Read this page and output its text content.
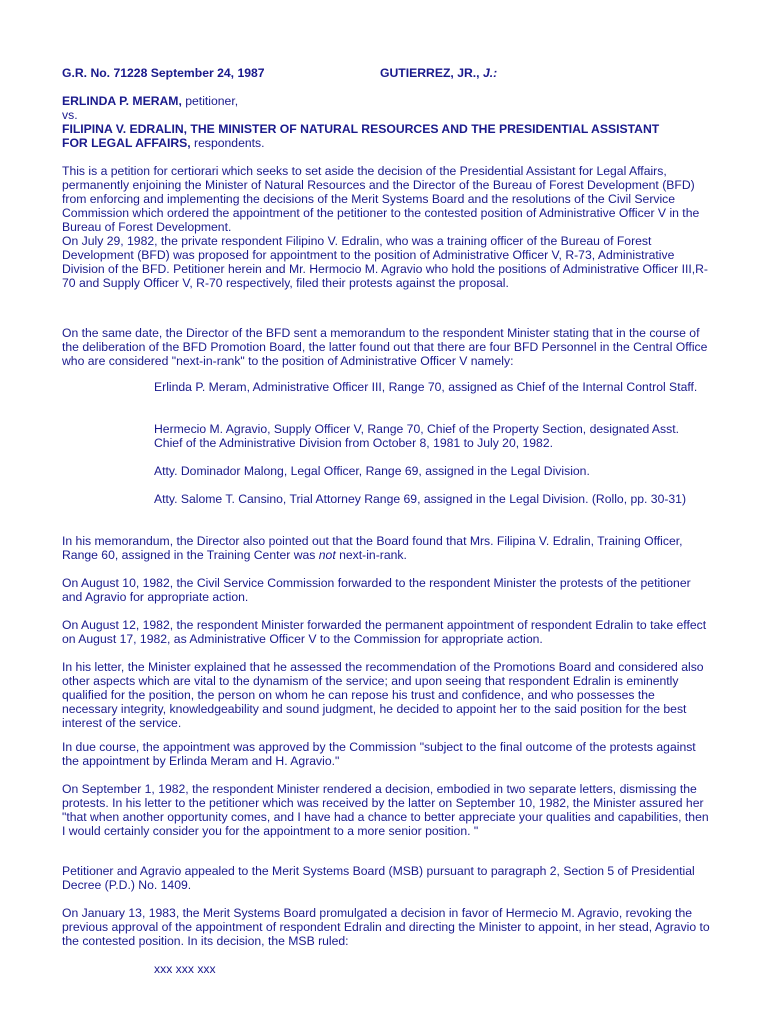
G.R. No. 71228 September 24, 1987	GUTIERREZ, JR., J.:
ERLINDA P. MERAM, petitioner,
vs.
FILIPINA V. EDRALIN, THE MINISTER OF NATURAL RESOURCES AND THE PRESIDENTIAL ASSISTANT FOR LEGAL AFFAIRS, respondents.

This is a petition for certiorari which seeks to set aside the decision of the Presidential Assistant for Legal Affairs, permanently enjoining the Minister of Natural Resources and the Director of the Bureau of Forest Development (BFD) from enforcing and implementing the decisions of the Merit Systems Board and the resolutions of the Civil Service Commission which ordered the appointment of the petitioner to the contested position of Administrative Officer V in the Bureau of Forest Development.

On July 29, 1982, the private respondent Filipino V. Edralin, who was a training officer of the Bureau of Forest Development (BFD) was proposed for appointment to the position of Administrative Officer V, R-73, Administrative Division of the BFD. Petitioner herein and Mr. Hermocio M. Agravio who hold the positions of Administrative Officer III,R-70 and Supply Officer V, R-70 respectively, filed their protests against the proposal.

On the same date, the Director of the BFD sent a memorandum to the respondent Minister stating that in the course of the deliberation of the BFD Promotion Board, the latter found out that there are four BFD Personnel in the Central Office who are considered "next-in-rank" to the position of Administrative Officer V namely:

Erlinda P. Meram, Administrative Officer III, Range 70, assigned as Chief of the Internal Control Staff.

Hermecio M. Agravio, Supply Officer V, Range 70, Chief of the Property Section, designated Asst. Chief of the Administrative Division from October 8, 1981 to July 20, 1982.

Atty. Dominador Malong, Legal Officer, Range 69, assigned in the Legal Division.

Atty. Salome T. Cansino, Trial Attorney Range 69, assigned in the Legal Division. (Rollo, pp. 30-31)

In his memorandum, the Director also pointed out that the Board found that Mrs. Filipina V. Edralin, Training Officer, Range 60, assigned in the Training Center was not next-in-rank.

On August 10, 1982, the Civil Service Commission forwarded to the respondent Minister the protests of the petitioner and Agravio for appropriate action.

On August 12, 1982, the respondent Minister forwarded the permanent appointment of respondent Edralin to take effect on August 17, 1982, as Administrative Officer V to the Commission for appropriate action.

In his letter, the Minister explained that he assessed the recommendation of the Promotions Board and considered also other aspects which are vital to the dynamism of the service; and upon seeing that respondent Edralin is eminently qualified for the position, the person on whom he can repose his trust and confidence, and who possesses the necessary integrity, knowledgeability and sound judgment, he decided to appoint her to the said position for the best interest of the service.

In due course, the appointment was approved by the Commission "subject to the final outcome of the protests against the appointment by Erlinda Meram and H. Agravio."

On September 1, 1982, the respondent Minister rendered a decision, embodied in two separate letters, dismissing the protests. In his letter to the petitioner which was received by the latter on September 10, 1982, the Minister assured her "that when another opportunity comes, and I have had a chance to better appreciate your qualities and capabilities, then I would certainly consider you for the appointment to a more senior position. "

Petitioner and Agravio appealed to the Merit Systems Board (MSB) pursuant to paragraph 2, Section 5 of Presidential Decree (P.D.) No. 1409.

On January 13, 1983, the Merit Systems Board promulgated a decision in favor of Hermecio M. Agravio, revoking the previous approval of the appointment of respondent Edralin and directing the Minister to appoint, in her stead, Agravio to the contested position. In its decision, the MSB ruled:

xxx xxx xxx
